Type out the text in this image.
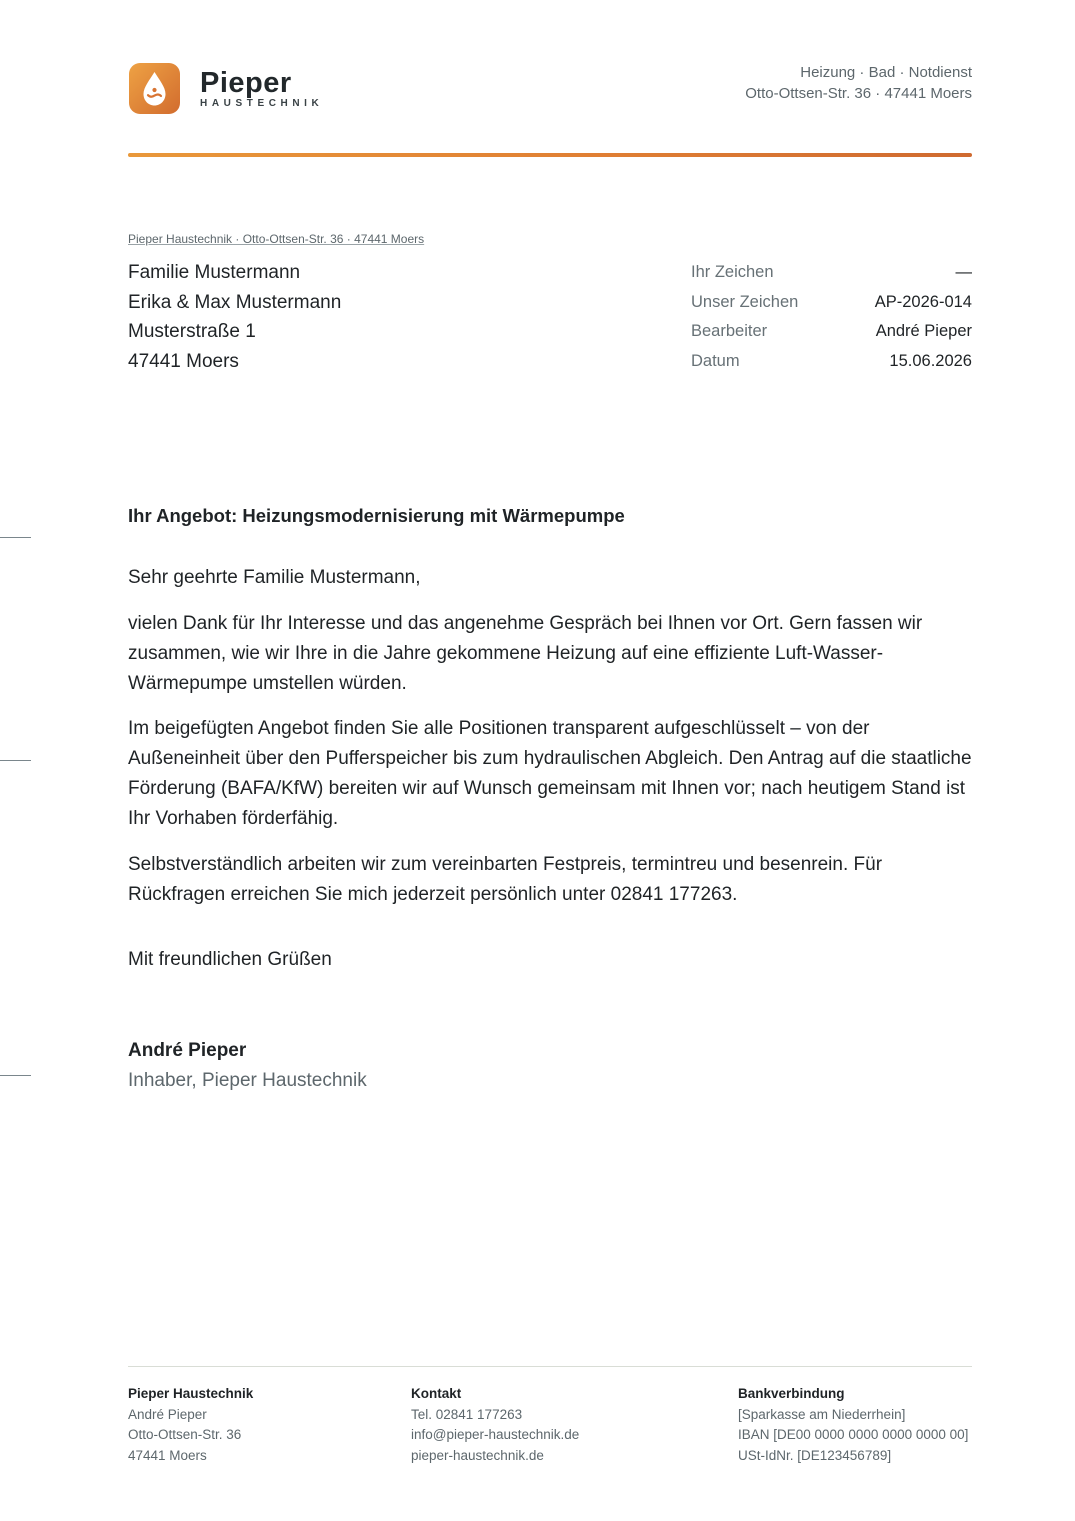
Pieper
HAUSTECHNIK
Heizung · Bad · Notdienst
Otto-Ottsen-Str. 36 · 47441 Moers
Pieper Haustechnik · Otto-Ottsen-Str. 36 · 47441 Moers
Familie Mustermann
Erika & Max Mustermann
Musterstraße 1
47441 Moers
Ihr Zeichen	—
Unser Zeichen	AP-2026-014
Bearbeiter	André Pieper
Datum	15.06.2026
Ihr Angebot: Heizungsmodernisierung mit Wärmepumpe

Sehr geehrte Familie Mustermann,

vielen Dank für Ihr Interesse und das angenehme Gespräch bei Ihnen vor Ort. Gern fassen wir zusammen, wie wir Ihre in die Jahre gekommene Heizung auf eine effiziente Luft-Wasser-Wärmepumpe umstellen würden.

Im beigefügten Angebot finden Sie alle Positionen transparent aufgeschlüsselt – von der Außeneinheit über den Pufferspeicher bis zum hydraulischen Abgleich. Den Antrag auf die staatliche Förderung (BAFA/KfW) bereiten wir auf Wunsch gemeinsam mit Ihnen vor; nach heutigem Stand ist Ihr Vorhaben förderfähig.

Selbstverständlich arbeiten wir zum vereinbarten Festpreis, termintreu und besenrein. Für Rückfragen erreichen Sie mich jederzeit persönlich unter 02841 177263.

Mit freundlichen Grüßen
André Pieper
Inhaber, Pieper Haustechnik
Pieper Haustechnik
André Pieper
Otto-Ottsen-Str. 36
47441 Moers
Kontakt
Tel. 02841 177263
info@pieper-haustechnik.de
pieper-haustechnik.de
Bankverbindung
[Sparkasse am Niederrhein]
IBAN [DE00 0000 0000 0000 0000 00]
USt-IdNr. [DE123456789]
